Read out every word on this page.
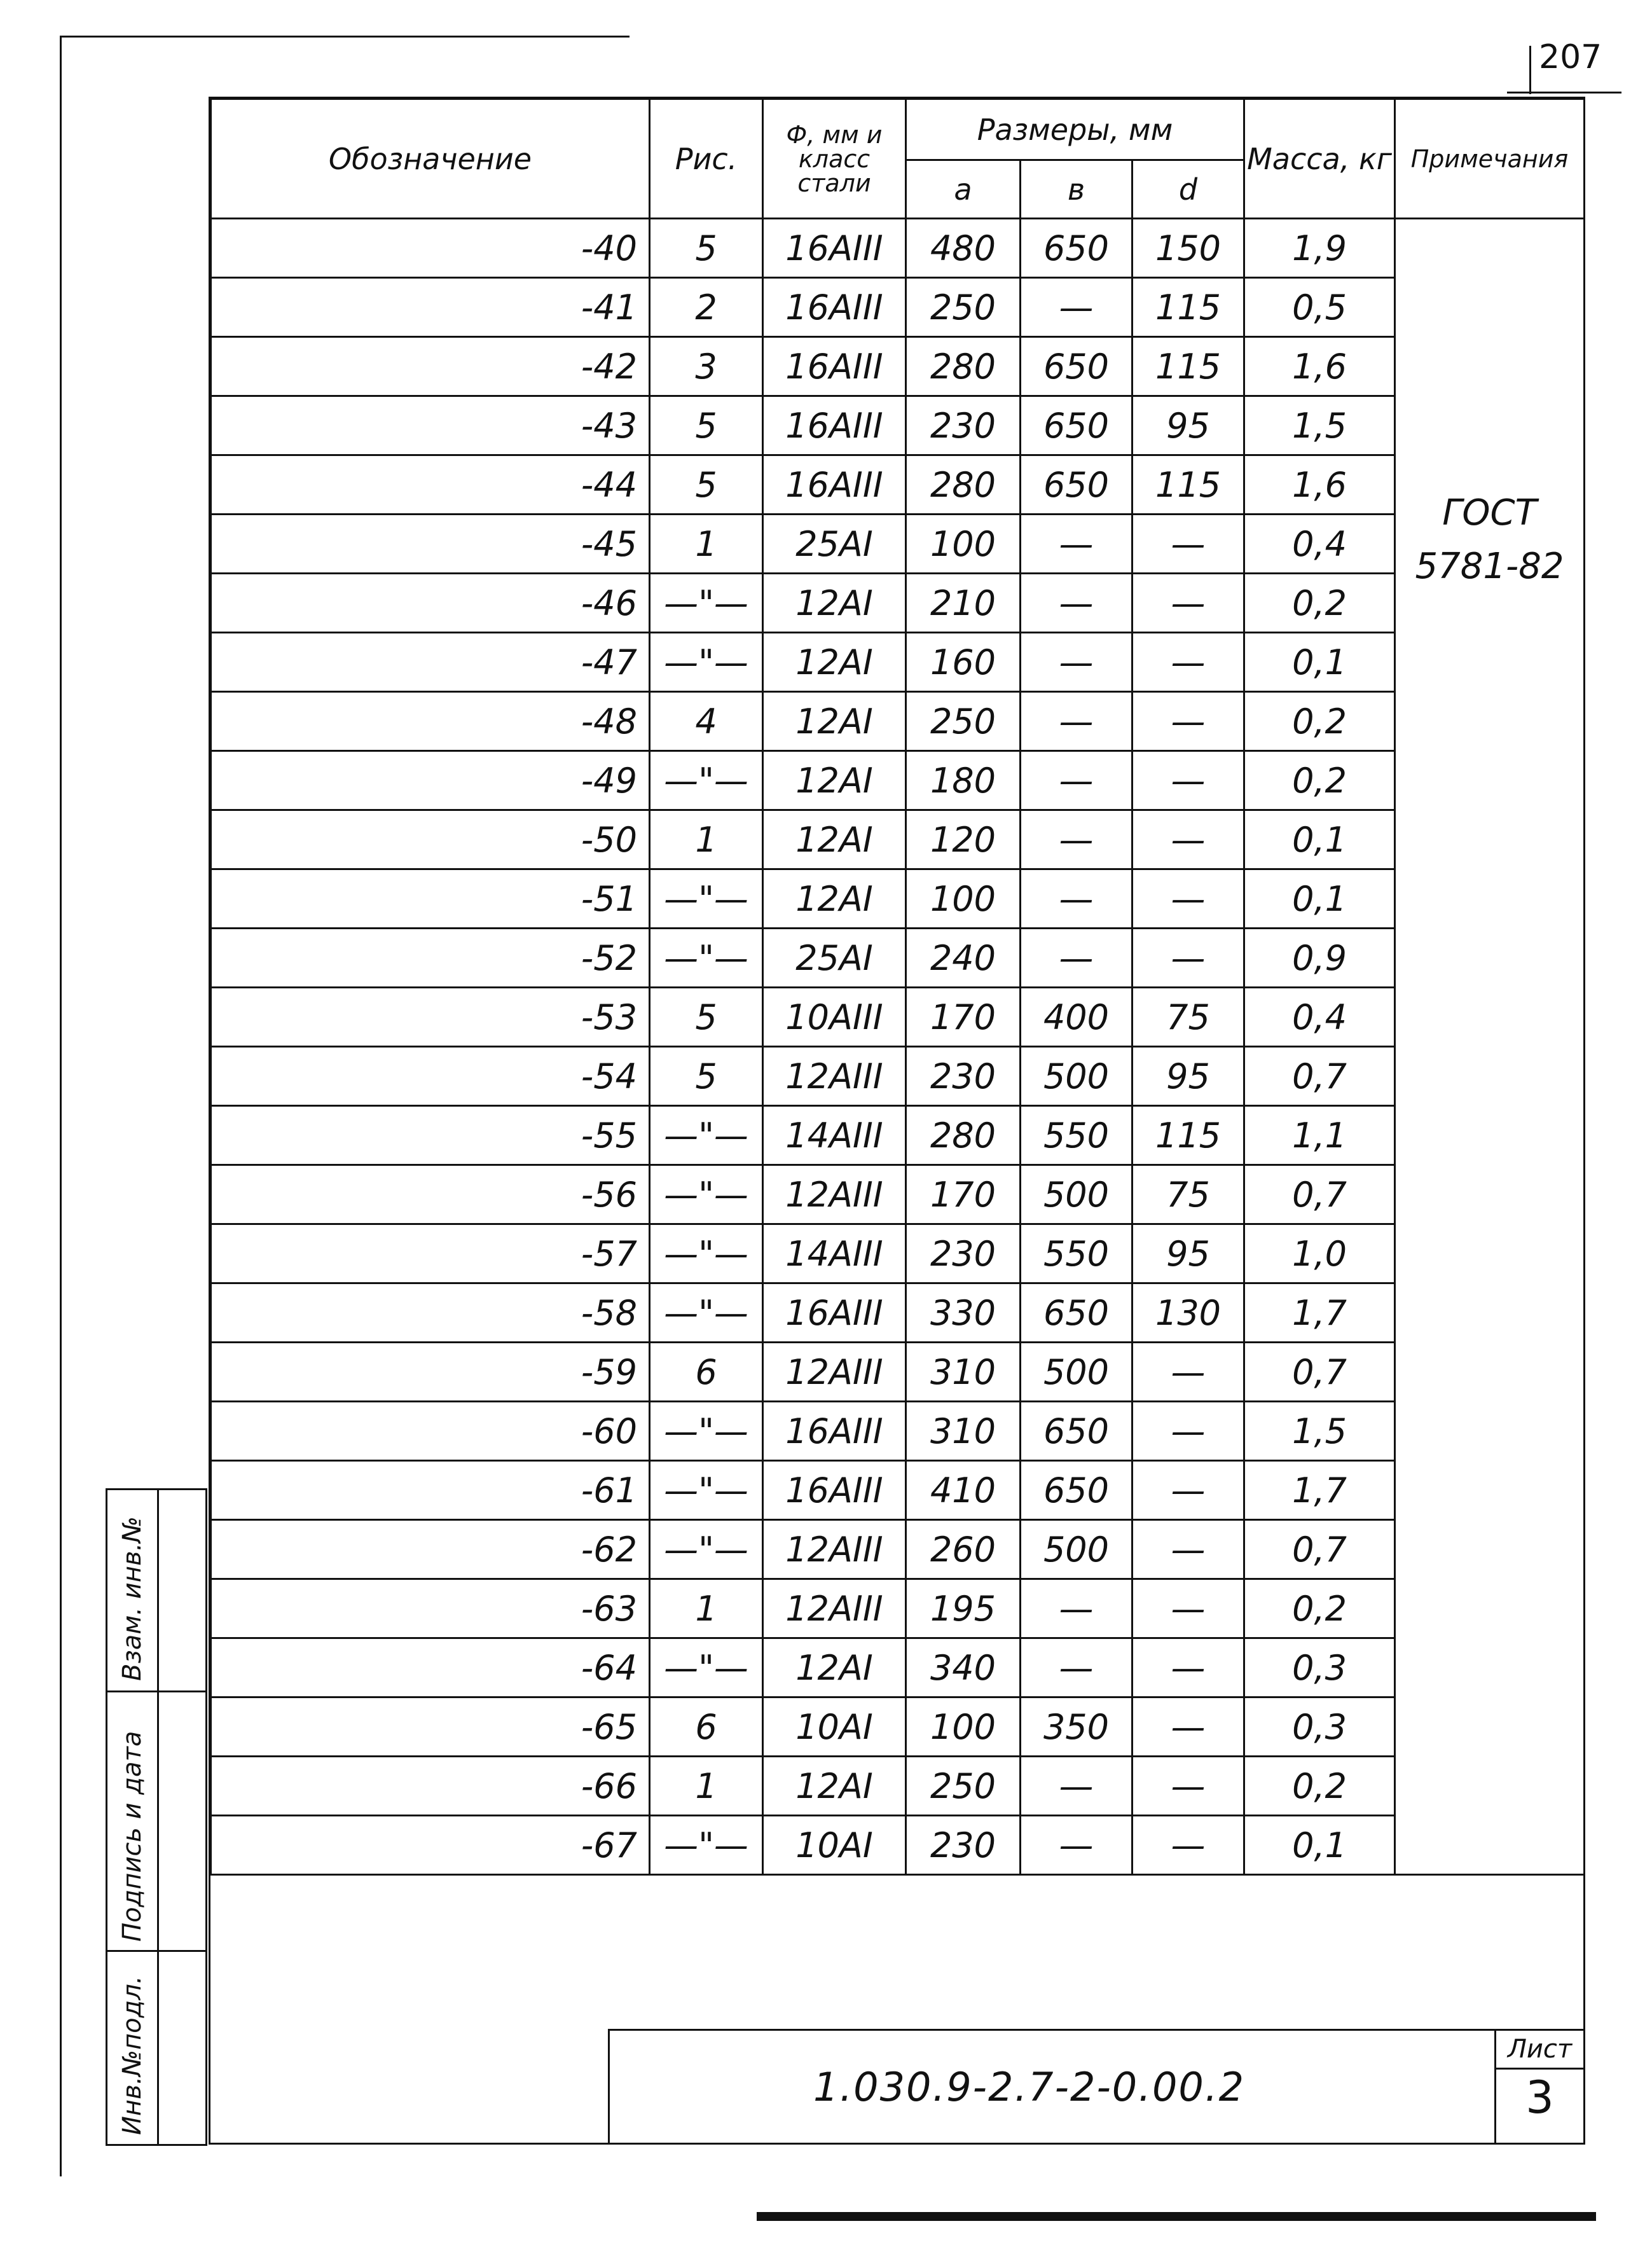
207
Обозначение	Рис.	Ф, мм и класс стали	Размеры, мм			Масса, кг	Примечания
			a	в	d		
-40	5	16АIII	480	650	150	1,9	ГОСТ 5781-82
-41	2	16АIII	250	—	115	0,5	
-42	3	16АIII	280	650	115	1,6	
-43	5	16АIII	230	650	95	1,5	
-44	5	16АIII	280	650	115	1,6	
-45	1	25АI	100	—	—	0,4	
-46	—"—	12АI	210	—	—	0,2	
-47	—"—	12АI	160	—	—	0,1	
-48	4	12АI	250	—	—	0,2	
-49	—"—	12АI	180	—	—	0,2	
-50	1	12АI	120	—	—	0,1	
-51	—"—	12АI	100	—	—	0,1	
-52	—"—	25АI	240	—	—	0,9	
-53	5	10АIII	170	400	75	0,4	
-54	5	12АIII	230	500	95	0,7	
-55	—"—	14АIII	280	550	115	1,1	
-56	—"—	12АIII	170	500	75	0,7	
-57	—"—	14АIII	230	550	95	1,0	
-58	—"—	16АIII	330	650	130	1,7	
-59	6	12АIII	310	500	—	0,7	
-60	—"—	16АIII	310	650	—	1,5	
-61	—"—	16АIII	410	650	—	1,7	
-62	—"—	12АIII	260	500	—	0,7	
-63	1	12АIII	195	—	—	0,2	
-64	—"—	12АI	340	—	—	0,3	
-65	6	10АI	100	350	—	0,3	
-66	1	12АI	250	—	—	0,2	
-67	—"—	10АI	230	—	—	0,1	
Взам. инв.№
Подпись и дата
Инв.№подл.	1.030.9-2.7-2-0.00.2
Лист
3
